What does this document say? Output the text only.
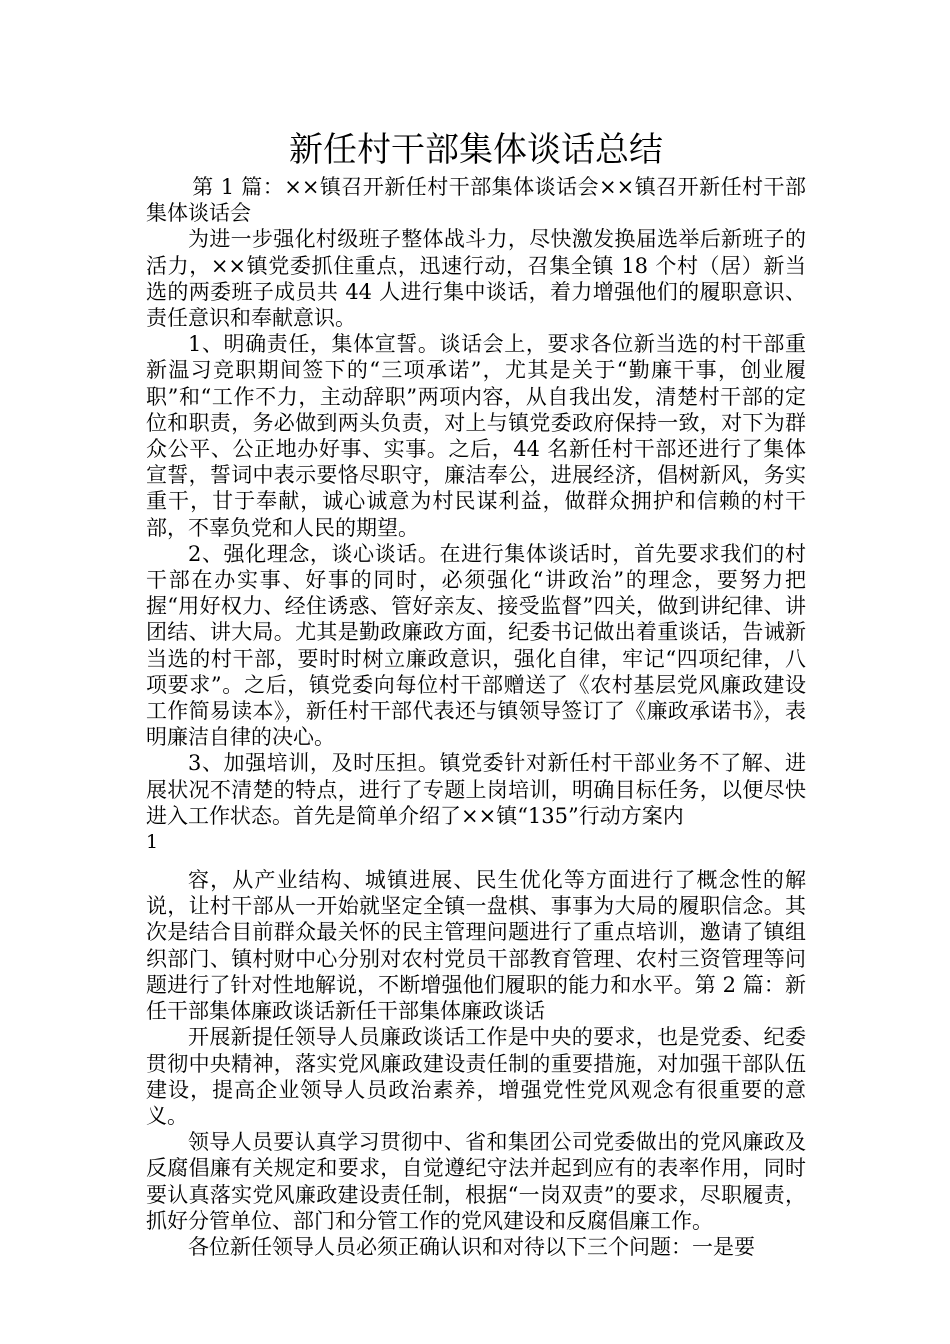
新任村干部集体谈话总结

第 1 篇：××镇召开新任村干部集体谈话会××镇召开新任村干部集体谈话会

为进一步强化村级班子整体战斗力，尽快激发换届选举后新班子的活力，××镇党委抓住重点，迅速行动，召集全镇 18 个村（居）新当选的两委班子成员共 44 人进行集中谈话，着力增强他们的履职意识、责任意识和奉献意识。

1、明确责任，集体宣誓。谈话会上，要求各位新当选的村干部重新温习竞职期间签下的“三项承诺”，尤其是关于“勤廉干事，创业履职”和“工作不力，主动辞职”两项内容，从自我出发，清楚村干部的定位和职责，务必做到两头负责，对上与镇党委政府保持一致，对下为群众公平、公正地办好事、实事。之后，44 名新任村干部还进行了集体宣誓，誓词中表示要恪尽职守，廉洁奉公，进展经济，倡树新风，务实重干，甘于奉献，诚心诚意为村民谋利益，做群众拥护和信赖的村干部，不辜负党和人民的期望。

2、强化理念，谈心谈话。在进行集体谈话时，首先要求我们的村干部在办实事、好事的同时，必须强化“讲政治”的理念，要努力把握“用好权力、经住诱惑、管好亲友、接受监督”四关，做到讲纪律、讲团结、讲大局。尤其是勤政廉政方面，纪委书记做出着重谈话，告诫新当选的村干部，要时时树立廉政意识，强化自律，牢记“四项纪律，八项要求”。之后，镇党委向每位村干部赠送了《农村基层党风廉政建设工作简易读本》，新任村干部代表还与镇领导签订了《廉政承诺书》，表明廉洁自律的决心。

3、加强培训，及时压担。镇党委针对新任村干部业务不了解、进展状况不清楚的特点，进行了专题上岗培训，明确目标任务，以便尽快进入工作状态。首先是简单介绍了××镇“135”行动方案内

1

容，从产业结构、城镇进展、民生优化等方面进行了概念性的解说，让村干部从一开始就坚定全镇一盘棋、事事为大局的履职信念。其次是结合目前群众最关怀的民主管理问题进行了重点培训，邀请了镇组织部门、镇村财中心分别对农村党员干部教育管理、农村三资管理等问题进行了针对性地解说，不断增强他们履职的能力和水平。第 2 篇：新任干部集体廉政谈话新任干部集体廉政谈话

开展新提任领导人员廉政谈话工作是中央的要求，也是党委、纪委贯彻中央精神，落实党风廉政建设责任制的重要措施，对加强干部队伍建设，提高企业领导人员政治素养，增强党性党风观念有很重要的意义。

领导人员要认真学习贯彻中、省和集团公司党委做出的党风廉政及反腐倡廉有关规定和要求，自觉遵纪守法并起到应有的表率作用，同时要认真落实党风廉政建设责任制，根据“一岗双责”的要求，尽职履责，抓好分管单位、部门和分管工作的党风建设和反腐倡廉工作。

各位新任领导人员必须正确认识和对待以下三个问题：一是要
